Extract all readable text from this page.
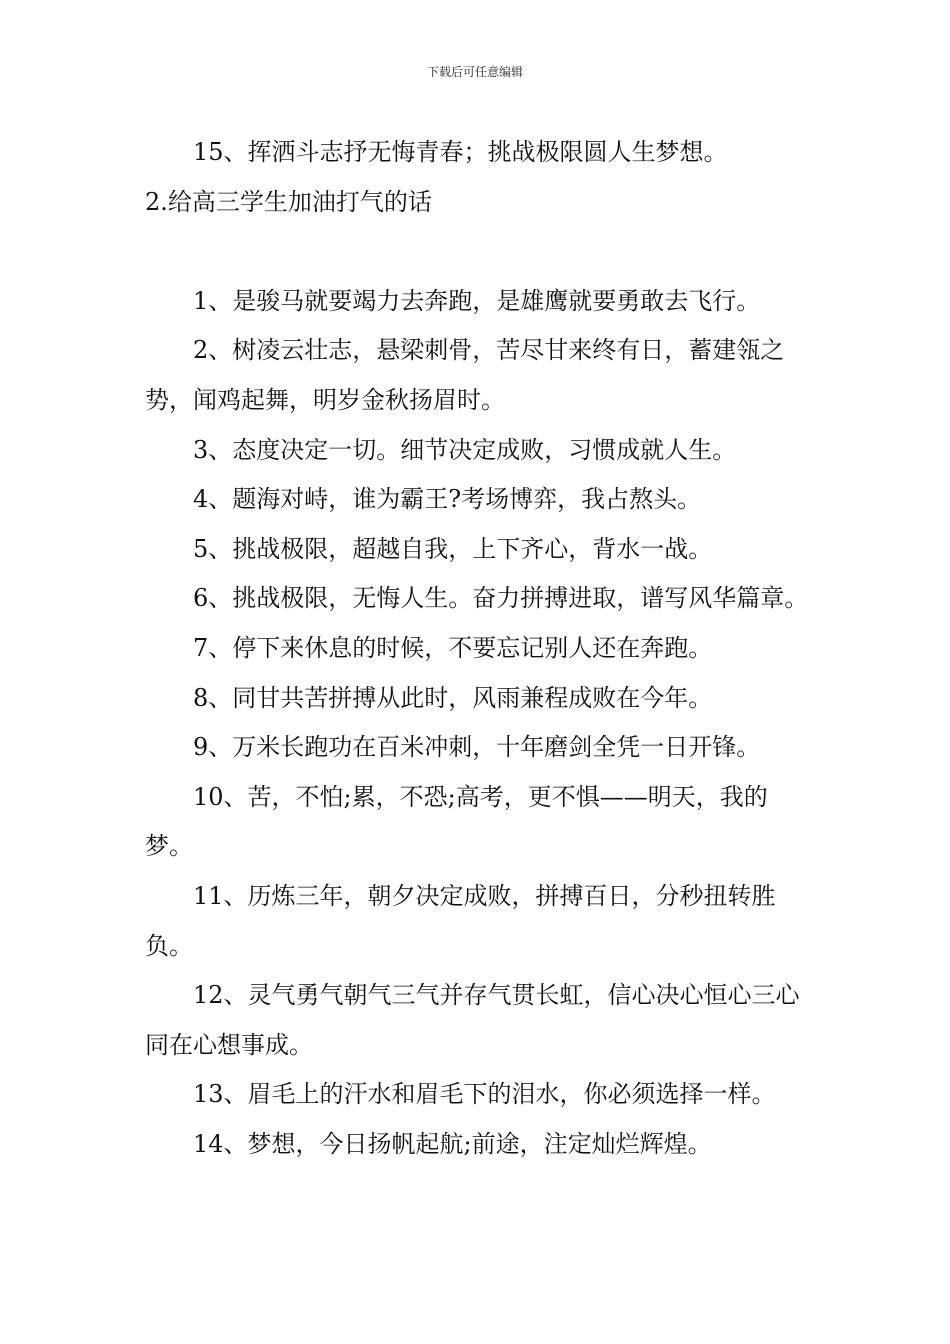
下载后可任意编辑

15、挥洒斗志抒无悔青春；挑战极限圆人生梦想。

2.给高三学生加油打气的话

1、是骏马就要竭力去奔跑，是雄鹰就要勇敢去飞行。

2、树凌云壮志，悬梁刺骨，苦尽甘来终有日，蓄建瓴之势，闻鸡起舞，明岁金秋扬眉时。

3、态度决定一切。细节决定成败，习惯成就人生。

4、题海对峙，谁为霸王?考场博弈，我占熬头。

5、挑战极限，超越自我，上下齐心，背水一战。

6、挑战极限，无悔人生。奋力拼搏进取，谱写风华篇章。

7、停下来休息的时候，不要忘记别人还在奔跑。

8、同甘共苦拼搏从此时，风雨兼程成败在今年。

9、万米长跑功在百米冲刺，十年磨剑全凭一日开锋。

10、苦，不怕;累，不恐;高考，更不惧——明天，我的梦。

11、历炼三年，朝夕决定成败，拼搏百日，分秒扭转胜负。

12、灵气勇气朝气三气并存气贯长虹，信心决心恒心三心同在心想事成。

13、眉毛上的汗水和眉毛下的泪水，你必须选择一样。

14、梦想，今日扬帆起航;前途，注定灿烂辉煌。
